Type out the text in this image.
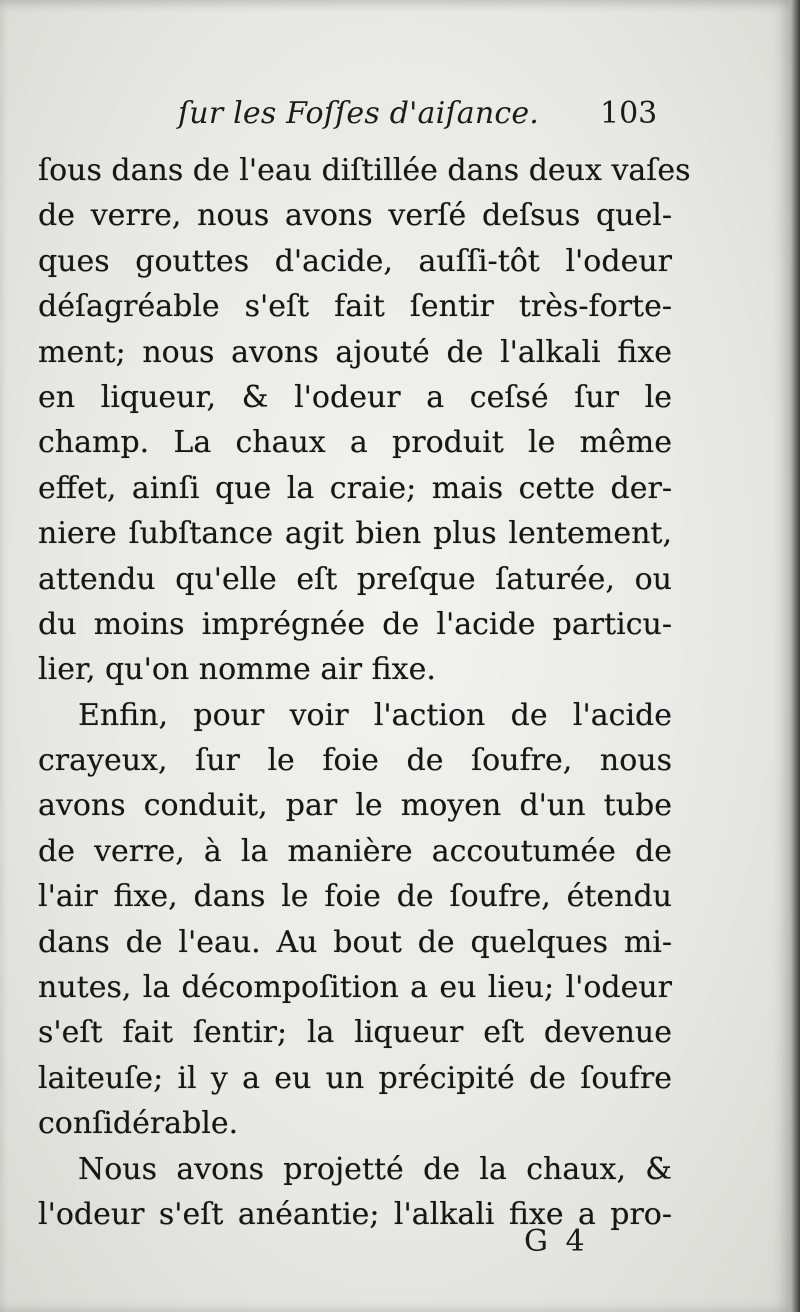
ſur les Foſſes d'aiſance. 103
ſous dans de l'eau diſtillée dans deux vaſes
de verre, nous avons verſé deſsus quel-
ques gouttes d'acide, auſſi-tôt l'odeur
déſagréable s'eſt fait ſentir très-forte-
ment; nous avons ajouté de l'alkali fixe
en liqueur, & l'odeur a ceſsé ſur le
champ. La chaux a produit le même
effet, ainſi que la craie; mais cette der-
niere ſubſtance agit bien plus lentement,
attendu qu'elle eſt preſque ſaturée, ou
du moins imprégnée de l'acide particu-
lier, qu'on nomme air fixe.
Enfin, pour voir l'action de l'acide
crayeux, ſur le foie de ſoufre, nous
avons conduit, par le moyen d'un tube
de verre, à la manière accoutumée de
l'air fixe, dans le foie de ſoufre, étendu
dans de l'eau. Au bout de quelques mi-
nutes, la décompoſition a eu lieu; l'odeur
s'eſt fait ſentir; la liqueur eſt devenue
laiteuſe; il y a eu un précipité de ſoufre
conſidérable.
Nous avons projetté de la chaux, &
l'odeur s'eſt anéantie; l'alkali fixe a pro-
G 4
